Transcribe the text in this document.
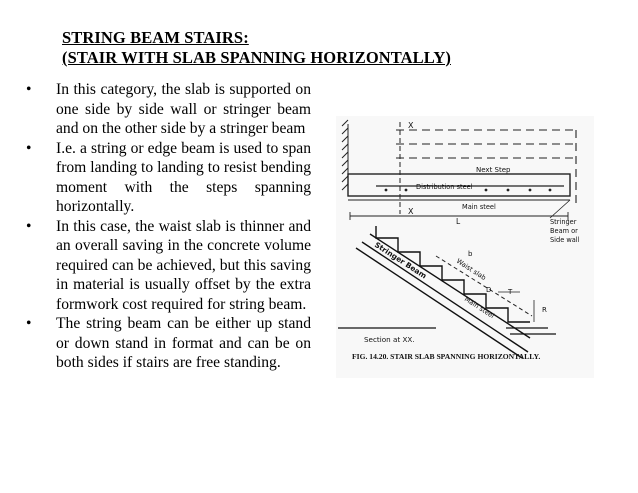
STRING BEAM STAIRS:
(STAIR WITH SLAB SPANNING HORIZONTALLY)
• In this category, the slab is supported on one side by side wall or stringer beam and on the other side by a stringer beam
• I.e. a string or edge beam is used to span from landing to landing to resist bending moment with the steps spanning horizontally.
• In this case, the waist slab is thinner and an overall saving in the concrete volume required can be achieved, but this saving in material is usually offset by the extra formwork cost required for string beam.
• The string beam can be either up stand or down stand in format and can be on both sides if stairs are free standing.
X
X
Next Step
Distribution steel
Main steel
L	Stringer
Beam or
Side wall
Stringer Beam	Waist slab
Main steel
b
D T
R
Section at XX.
FIG. 14.20. STAIR SLAB SPANNING HORIZONTALLY.
